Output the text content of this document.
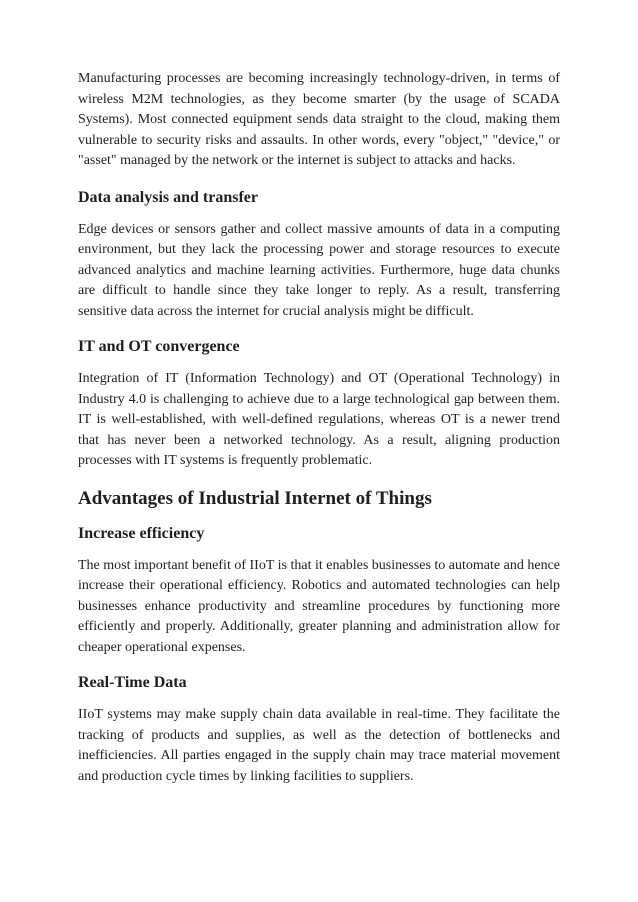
Manufacturing processes are becoming increasingly technology-driven, in terms of wireless M2M technologies, as they become smarter (by the usage of SCADA Systems). Most connected equipment sends data straight to the cloud, making them vulnerable to security risks and assaults. In other words, every "object," "device," or "asset" managed by the network or the internet is subject to attacks and hacks.

Data analysis and transfer

Edge devices or sensors gather and collect massive amounts of data in a computing environment, but they lack the processing power and storage resources to execute advanced analytics and machine learning activities. Furthermore, huge data chunks are difficult to handle since they take longer to reply. As a result, transferring sensitive data across the internet for crucial analysis might be difficult.

IT and OT convergence

Integration of IT (Information Technology) and OT (Operational Technology) in Industry 4.0 is challenging to achieve due to a large technological gap between them. IT is well-established, with well-defined regulations, whereas OT is a newer trend that has never been a networked technology. As a result, aligning production processes with IT systems is frequently problematic.

Advantages of Industrial Internet of Things
Increase efficiency

The most important benefit of IIoT is that it enables businesses to automate and hence increase their operational efficiency. Robotics and automated technologies can help businesses enhance productivity and streamline procedures by functioning more efficiently and properly. Additionally, greater planning and administration allow for cheaper operational expenses.

Real-Time Data

IIoT systems may make supply chain data available in real-time. They facilitate the tracking of products and supplies, as well as the detection of bottlenecks and inefficiencies. All parties engaged in the supply chain may trace material movement and production cycle times by linking facilities to suppliers.
